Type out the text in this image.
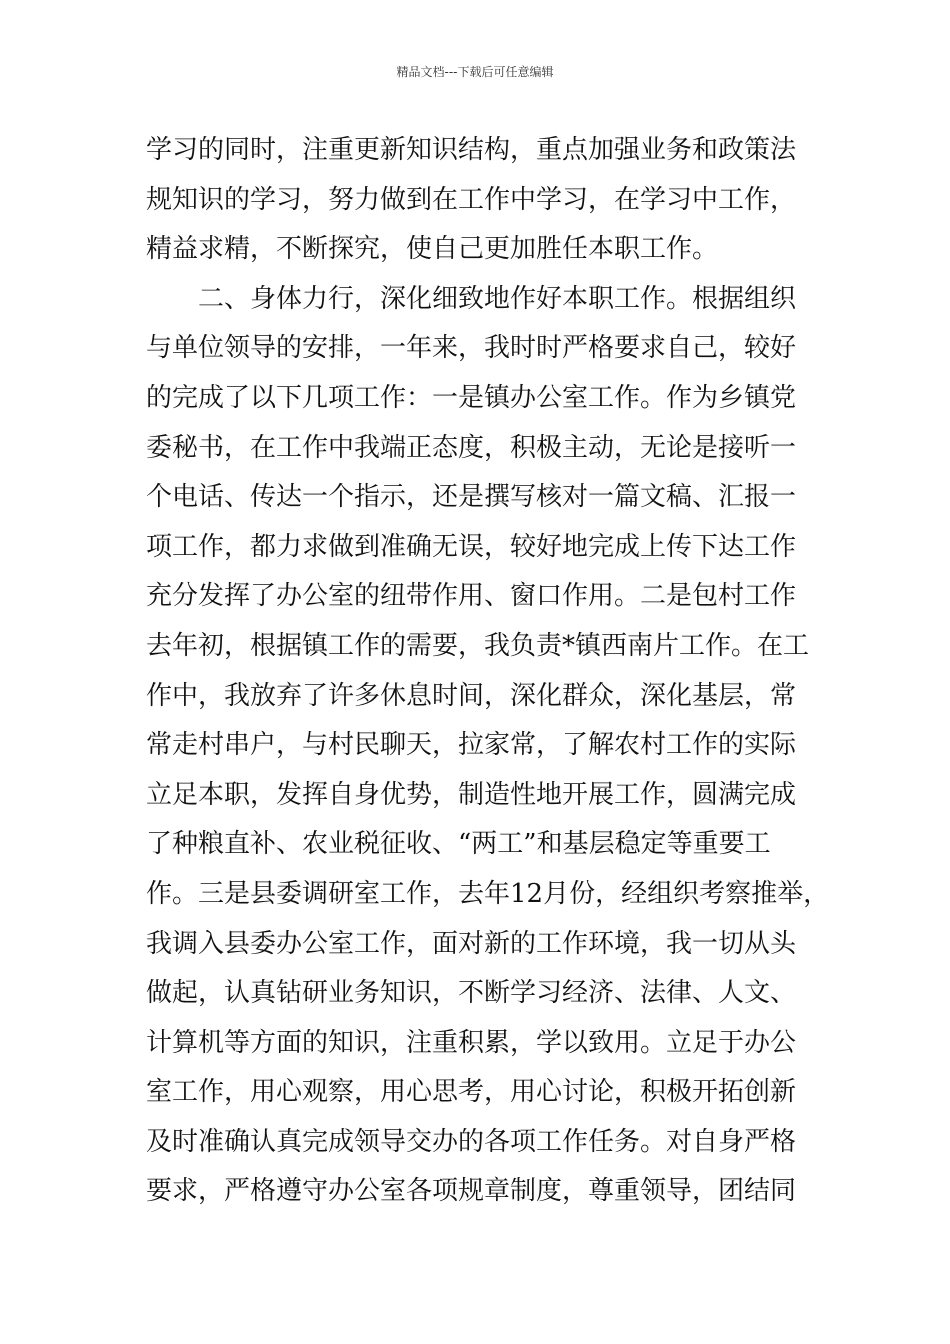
精品文档---下载后可任意编辑
学习的同时，注重更新知识结构，重点加强业务和政策法
规知识的学习，努力做到在工作中学习，在学习中工作，
精益求精，不断探究，使自己更加胜任本职工作。
二、身体力行，深化细致地作好本职工作。根据组织
与单位领导的安排，一年来，我时时严格要求自己，较好
的完成了以下几项工作：一是镇办公室工作。作为乡镇党
委秘书，在工作中我端正态度，积极主动，无论是接听一
个电话、传达一个指示，还是撰写核对一篇文稿、汇报一
项工作，都力求做到准确无误，较好地完成上传下达工作
充分发挥了办公室的纽带作用、窗口作用。二是包村工作
去年初，根据镇工作的需要，我负责*镇西南片工作。在工
作中，我放弃了许多休息时间，深化群众，深化基层，常
常走村串户，与村民聊天，拉家常，了解农村工作的实际
立足本职，发挥自身优势，制造性地开展工作，圆满完成
了种粮直补、农业税征收、“两工”和基层稳定等重要工
作。三是县委调研室工作，去年12月份，经组织考察推举，
我调入县委办公室工作，面对新的工作环境，我一切从头
做起，认真钻研业务知识，不断学习经济、法律、人文、
计算机等方面的知识，注重积累，学以致用。立足于办公
室工作，用心观察，用心思考，用心讨论，积极开拓创新
及时准确认真完成领导交办的各项工作任务。对自身严格
要求，严格遵守办公室各项规章制度，尊重领导，团结同
